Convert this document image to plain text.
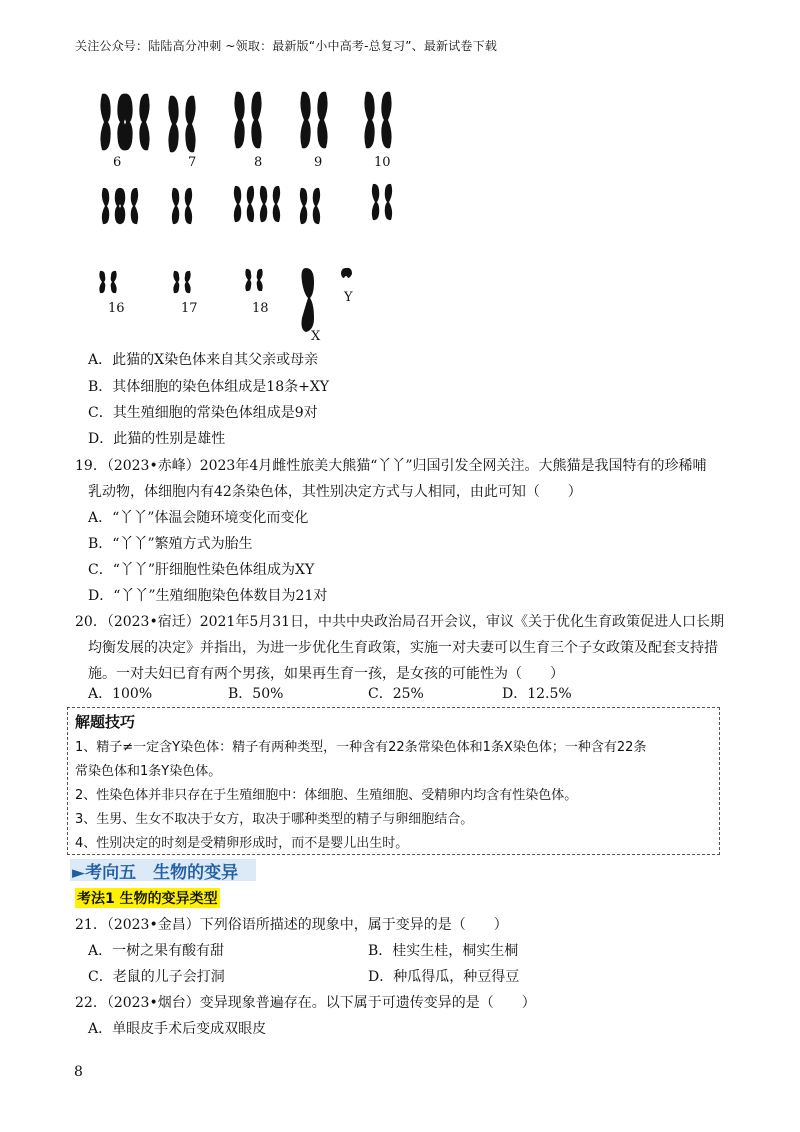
关注公众号：陆陆高分冲刺 ~领取：最新版“小中高考-总复习”、最新试卷下载
6	7	8	9	10
16	17	18
X
Y
A．此猫的X染色体来自其父亲或母亲
B．其体细胞的染色体组成是18条+XY
C．其生殖细胞的常染色体组成是9对
D．此猫的性别是雄性
19．（2023•赤峰）2023年4月雌性旅美大熊猫“丫丫”归国引发全网关注。大熊猫是我国特有的珍稀哺
乳动物，体细胞内有42条染色体，其性别决定方式与人相同，由此可知（　　）
A．“丫丫”体温会随环境变化而变化
B．“丫丫”繁殖方式为胎生
C．“丫丫”肝细胞性染色体组成为XY
D．“丫丫”生殖细胞染色体数目为21对
20．（2023•宿迁）2021年5月31日，中共中央政治局召开会议，审议《关于优化生育政策促进人口长期
均衡发展的决定》并指出，为进一步优化生育政策，实施一对夫妻可以生育三个子女政策及配套支持措
施。一对夫妇已育有两个男孩，如果再生育一孩，是女孩的可能性为（　　）
A．100%	B．50%	C．25%	D．12.5%
解题技巧
1、精子≠一定含Y染色体：精子有两种类型，一种含有22条常染色体和1条X染色体；一种含有22条
常染色体和1条Y染色体。
2、性染色体并非只存在于生殖细胞中：体细胞、生殖细胞、受精卵内均含有性染色体。
3、生男、生女不取决于女方，取决于哪种类型的精子与卵细胞结合。
4、性别决定的时刻是受精卵形成时，而不是婴儿出生时。
►考向五　生物的变异
考法1 生物的变异类型
21．（2023•金昌）下列俗语所描述的现象中，属于变异的是（　　）
A．一树之果有酸有甜	B．桂实生桂，桐实生桐
C．老鼠的儿子会打洞	D．种瓜得瓜，种豆得豆
22．（2023•烟台）变异现象普遍存在。以下属于可遗传变异的是（　　）
A．单眼皮手术后变成双眼皮
8
